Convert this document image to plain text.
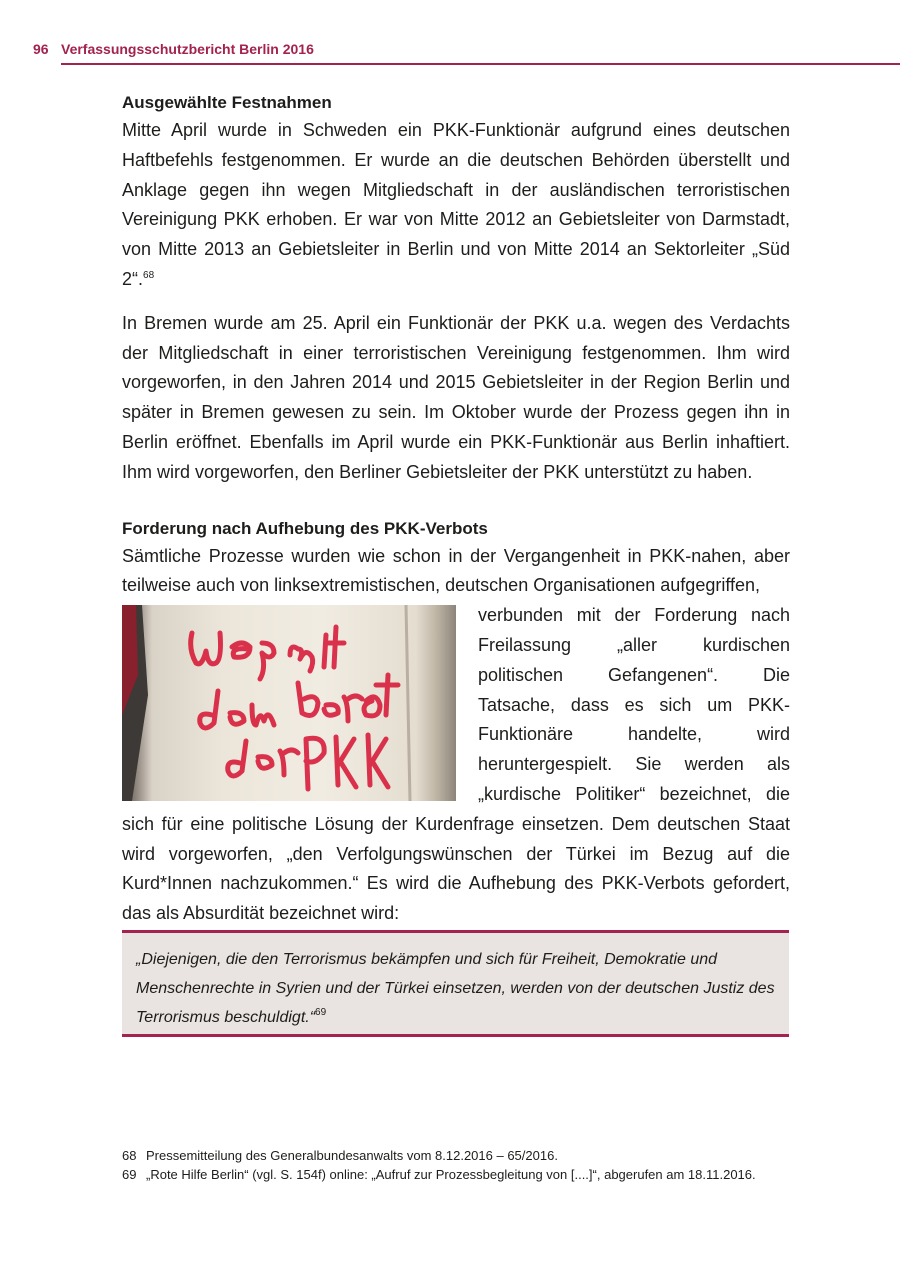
96 Verfassungsschutzbericht Berlin 2016

Ausgewählte Festnahmen

Mitte April wurde in Schweden ein PKK-Funktionär aufgrund eines deutschen Haftbefehls festgenommen. Er wurde an die deutschen Behörden überstellt und Anklage gegen ihn wegen Mitgliedschaft in der ausländischen terroristischen Vereinigung PKK erhoben. Er war von Mitte 2012 an Gebietsleiter von Darmstadt, von Mitte 2013 an Gebietsleiter in Berlin und von Mitte 2014 an Sektorleiter „Süd 2“.$^{68}$

In Bremen wurde am 25. April ein Funktionär der PKK u.a. wegen des Verdachts der Mitgliedschaft in einer terroristischen Vereinigung festgenommen. Ihm wird vorgeworfen, in den Jahren 2014 und 2015 Gebietsleiter in der Region Berlin und später in Bremen gewesen zu sein. Im Oktober wurde der Prozess gegen ihn in Berlin eröffnet. Ebenfalls im April wurde ein PKK-Funktionär aus Berlin inhaftiert. Ihm wird vorgeworfen, den Berliner Gebietsleiter der PKK unterstützt zu haben.

Forderung nach Aufhebung des PKK-Verbots

Sämtliche Prozesse wurden wie schon in der Vergangenheit in PKK-nahen, aber teilweise auch von linksextremistischen, deutschen Organisationen aufgegriffen,

verbunden mit der Forderung nach Freilassung „aller kurdischen politischen Gefangenen“. Die Tatsache, dass es sich um PKK-Funktionäre handelte, wird heruntergespielt. Sie werden als „kurdische Politiker“ bezeichnet, die sich für eine politische Lösung der Kurdenfrage einsetzen. Dem deutschen Staat wird vorgeworfen, „den Verfolgungswünschen der Türkei im Bezug auf die Kurd*Innen nachzukommen.“ Es wird die Aufhebung des PKK-Verbots gefordert, das als Absurdität bezeichnet wird:

„Diejenigen, die den Terrorismus bekämpfen und sich für Freiheit, Demokratie und Menschenrechte in Syrien und der Türkei einsetzen, werden von der deutschen Justiz des Terrorismus beschuldigt.“$^{69}$

68 Pressemitteilung des Generalbundesanwalts vom 8.12.2016 – 65/2016.
69 „Rote Hilfe Berlin“ (vgl. S. 154f) online: „Aufruf zur Prozessbegleitung von [....]“, abgerufen am 18.11.2016.
